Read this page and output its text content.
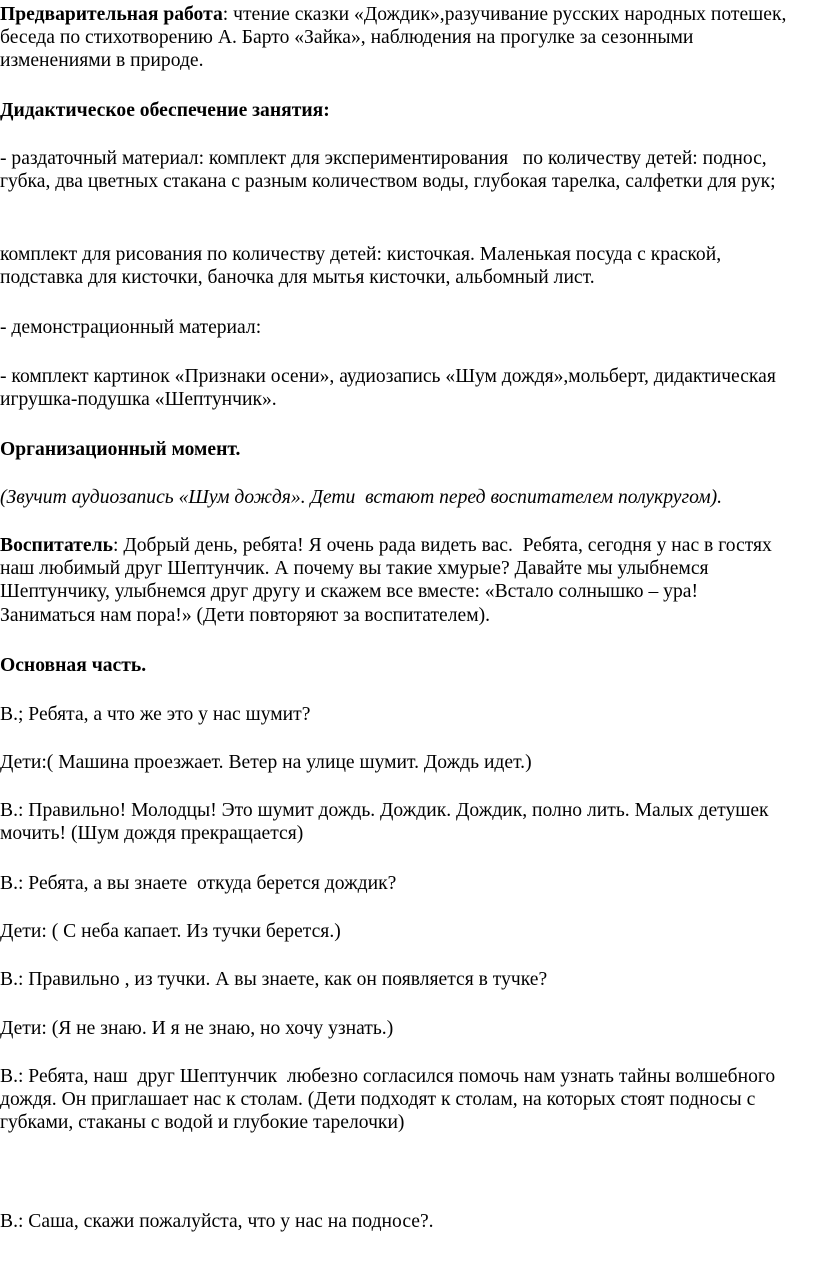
Предварительная работа: чтение сказки «Дождик»,разучивание русских народных потешек, беседа по стихотворению А. Барто «Зайка», наблюдения на прогулке за сезонными изменениями в природе.

Дидактическое обеспечение занятия:

- раздаточный материал: комплект для экспериментирования   по количеству детей: поднос, губка, два цветных стакана с разным количеством воды, глубокая тарелка, салфетки для рук;

комплект для рисования по количеству детей: кисточкая. Маленькая посуда с краской, подставка для кисточки, баночка для мытья кисточки, альбомный лист.

- демонстрационный материал:

- комплект картинок «Признаки осени», аудиозапись «Шум дождя»,мольберт, дидактическая игрушка-подушка «Шептунчик».

Организационный момент.

(Звучит аудиозапись «Шум дождя». Дети  встают перед воспитателем полукругом).

Воспитатель: Добрый день, ребята! Я очень рада видеть вас.  Ребята, сегодня у нас в гостях наш любимый друг Шептунчик. А почему вы такие хмурые? Давайте мы улыбнемся  Шептунчику, улыбнемся друг другу и скажем все вместе: «Встало солнышко – ура! Заниматься нам пора!» (Дети повторяют за воспитателем).

Основная часть.

В.; Ребята, а что же это у нас шумит?

Дети:( Машина проезжает. Ветер на улице шумит. Дождь идет.)

В.: Правильно! Молодцы! Это шумит дождь. Дождик. Дождик, полно лить. Малых детушек мочить! (Шум дождя прекращается)

В.: Ребята, а вы знаете  откуда берется дождик?

Дети: ( С неба капает. Из тучки берется.)

В.: Правильно , из тучки. А вы знаете, как он появляется в тучке?

Дети: (Я не знаю. И я не знаю, но хочу узнать.)

В.: Ребята, наш  друг Шептунчик  любезно согласился помочь нам узнать тайны волшебного дождя. Он приглашает нас к столам. (Дети подходят к столам, на которых стоят подносы с губками, стаканы с водой и глубокие тарелочки)

В.: Саша, скажи пожалуйста, что у нас на подносе?.
